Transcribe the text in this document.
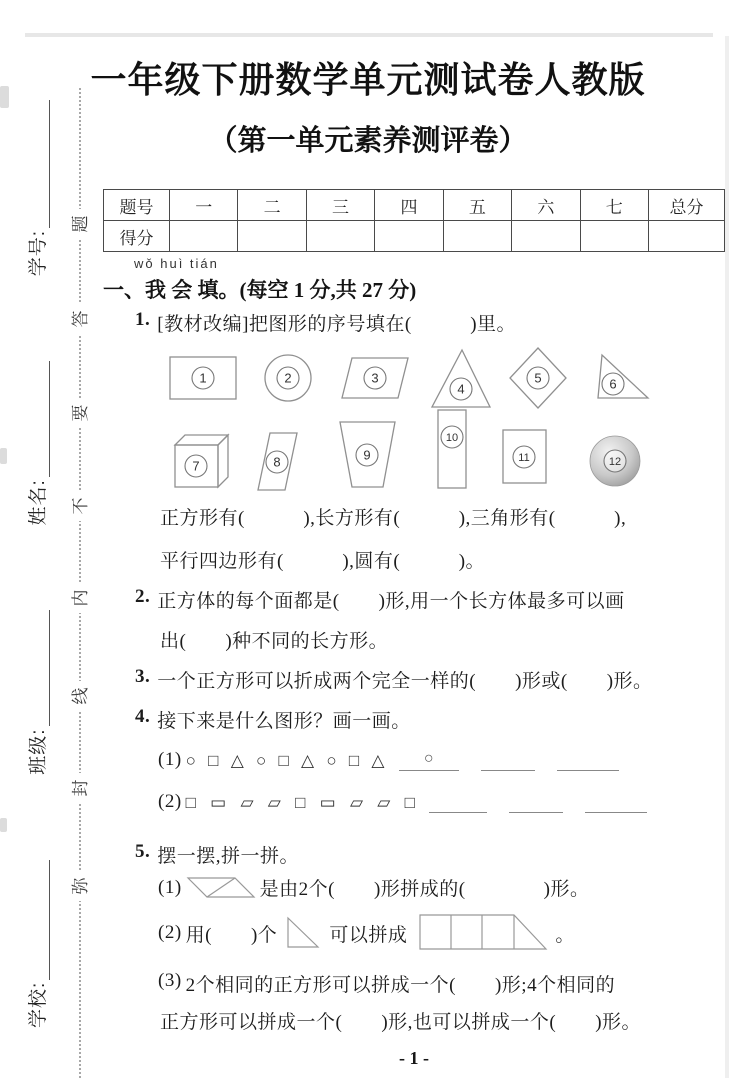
题
答
要
不
内
线
封
弥
学校:
班级:
姓名:
学号:
一年级下册数学单元测试卷人教版
（第一单元素养测评卷）
题号	一	二	三	四	五	六	七	总分
得分								
wǒ huì tián
一、我 会 填。(每空 1 分,共 27 分)
1. [教材改编]把图形的序号填在(　　　)里。
1	2	3
4
5	6
7	8	9
10
11	12
正方形有(　　　),长方形有(　　　),三角形有(　　　),
平行四边形有(　　　),圆有(　　　)。
2. 正方体的每个面都是(　　)形,用一个长方体最多可以画
出(　　)种不同的长方形。
3. 一个正方形可以折成两个完全一样的(　　)形或(　　)形。
4. 接下来是什么图形？画一画。
(1) ○ □ △ ○ □ △ ○ □ △	○
(2) □ ▭ ▱ ▱ □ ▭ ▱ ▱ □
5. 摆一摆,拼一拼。
(1)	是由2个(　　)形拼成的(　　　　)形。
(2) 用(　　)个	可以拼成	。
(3) 2个相同的正方形可以拼成一个(　　)形;4个相同的
正方形可以拼成一个(　　)形,也可以拼成一个(　　)形。
- 1 -
